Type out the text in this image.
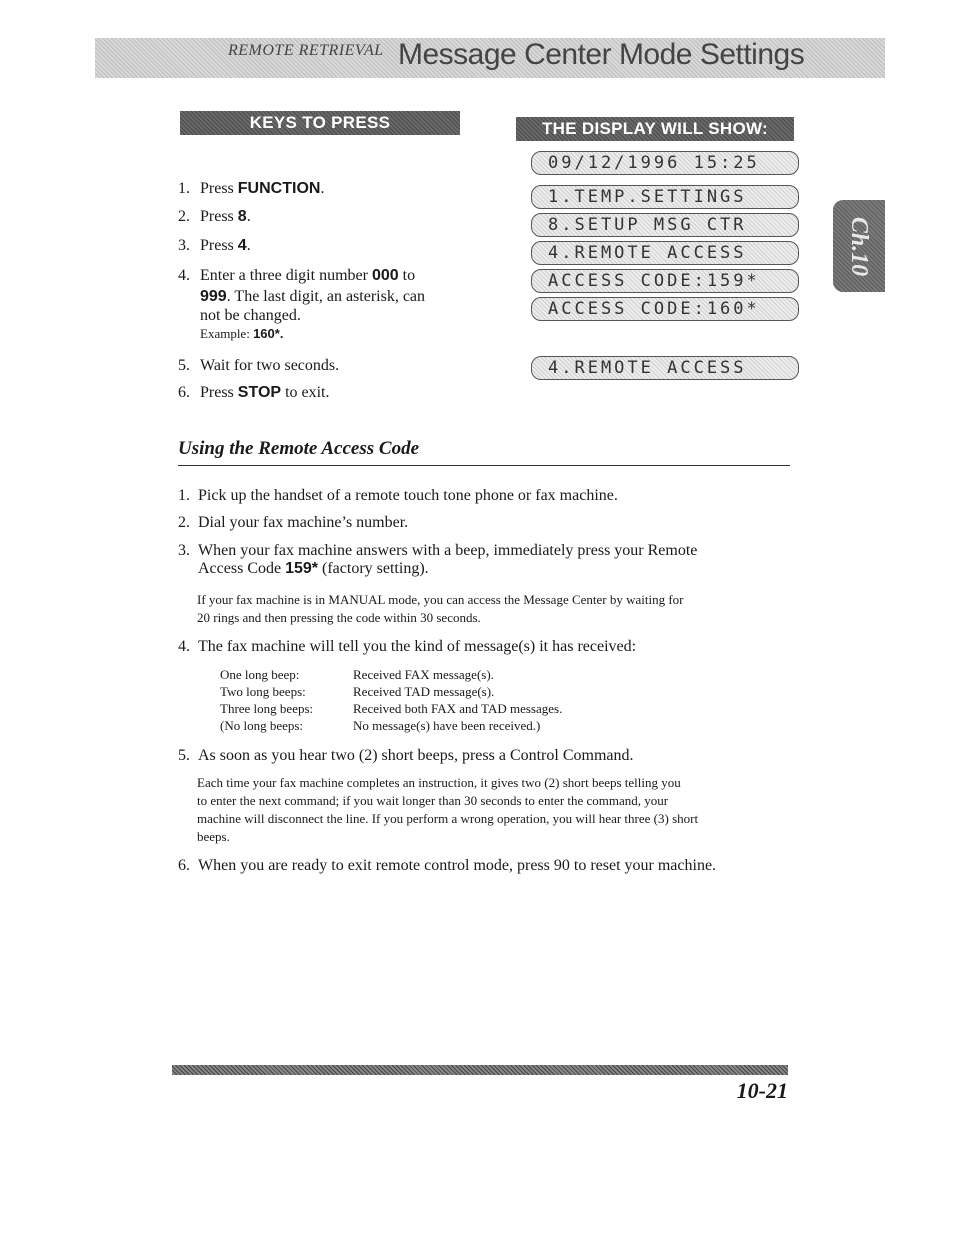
REMOTE RETRIEVAL Message Center Mode Settings
KEYS TO PRESS	THE DISPLAY WILL SHOW:
1. Press FUNCTION.
2. Press 8.
3. Press 4.
4. Enter a three digit number 000 to
999. The last digit, an asterisk, can
not be changed.
Example: 160*.
5. Wait for two seconds.
6. Press STOP to exit.
09/12/1996 15:25
1.TEMP.SETTINGS
8.SETUP MSG CTR
4.REMOTE ACCESS
ACCESS CODE:159*
ACCESS CODE:160*
4.REMOTE ACCESS
Ch.10
Using the Remote Access Code
1. Pick up the handset of a remote touch tone phone or fax machine.
2. Dial your fax machine’s number.
3. When your fax machine answers with a beep, immediately press your Remote
Access Code 159* (factory setting).
If your fax machine is in MANUAL mode, you can access the Message Center by waiting for
20 rings and then pressing the code within 30 seconds.
4. The fax machine will tell you the kind of message(s) it has received:
One long beep:	Received FAX message(s).
Two long beeps:	Received TAD message(s).
Three long beeps:	Received both FAX and TAD messages.
(No long beeps:	No message(s) have been received.)
5. As soon as you hear two (2) short beeps, press a Control Command.
Each time your fax machine completes an instruction, it gives two (2) short beeps telling you
to enter the next command; if you wait longer than 30 seconds to enter the command, your
machine will disconnect the line. If you perform a wrong operation, you will hear three (3) short
beeps.
6. When you are ready to exit remote control mode, press 90 to reset your machine.
10-21
